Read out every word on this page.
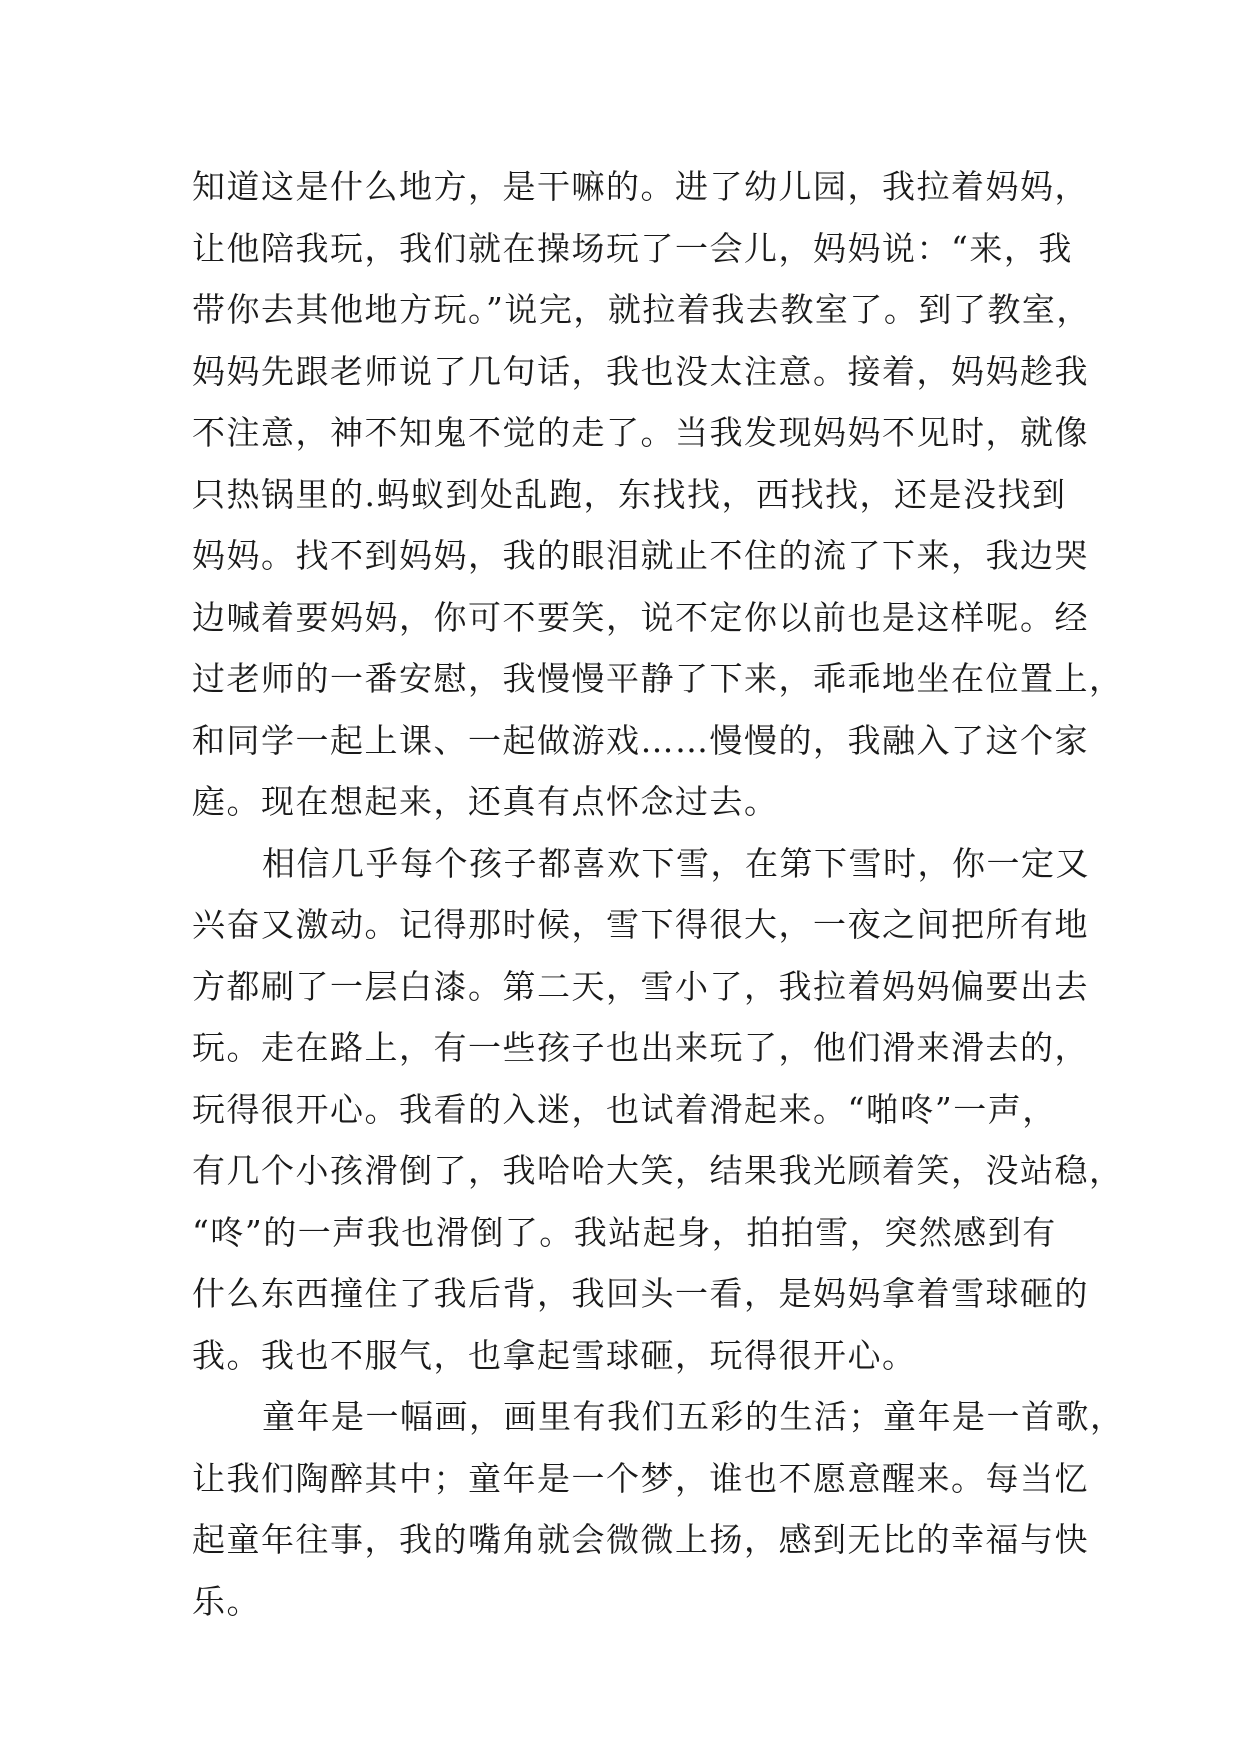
知道这是什么地方，是干嘛的。进了幼儿园，我拉着妈妈，
让他陪我玩，我们就在操场玩了一会儿，妈妈说：“来，我
带你去其他地方玩。”说完，就拉着我去教室了。到了教室，
妈妈先跟老师说了几句话，我也没太注意。接着，妈妈趁我
不注意，神不知鬼不觉的走了。当我发现妈妈不见时，就像
只热锅里的.蚂蚁到处乱跑，东找找，西找找，还是没找到
妈妈。找不到妈妈，我的眼泪就止不住的流了下来，我边哭
边喊着要妈妈，你可不要笑，说不定你以前也是这样呢。经
过老师的一番安慰，我慢慢平静了下来，乖乖地坐在位置上，
和同学一起上课、一起做游戏……慢慢的，我融入了这个家
庭。现在想起来，还真有点怀念过去。
相信几乎每个孩子都喜欢下雪，在第下雪时，你一定又
兴奋又激动。记得那时候，雪下得很大，一夜之间把所有地
方都刷了一层白漆。第二天，雪小了，我拉着妈妈偏要出去
玩。走在路上，有一些孩子也出来玩了，他们滑来滑去的，
玩得很开心。我看的入迷，也试着滑起来。“啪咚”一声，
有几个小孩滑倒了，我哈哈大笑，结果我光顾着笑，没站稳，
“咚”的一声我也滑倒了。我站起身，拍拍雪，突然感到有
什么东西撞住了我后背，我回头一看，是妈妈拿着雪球砸的
我。我也不服气，也拿起雪球砸，玩得很开心。
童年是一幅画，画里有我们五彩的生活；童年是一首歌，
让我们陶醉其中；童年是一个梦，谁也不愿意醒来。每当忆
起童年往事，我的嘴角就会微微上扬，感到无比的幸福与快
乐。
